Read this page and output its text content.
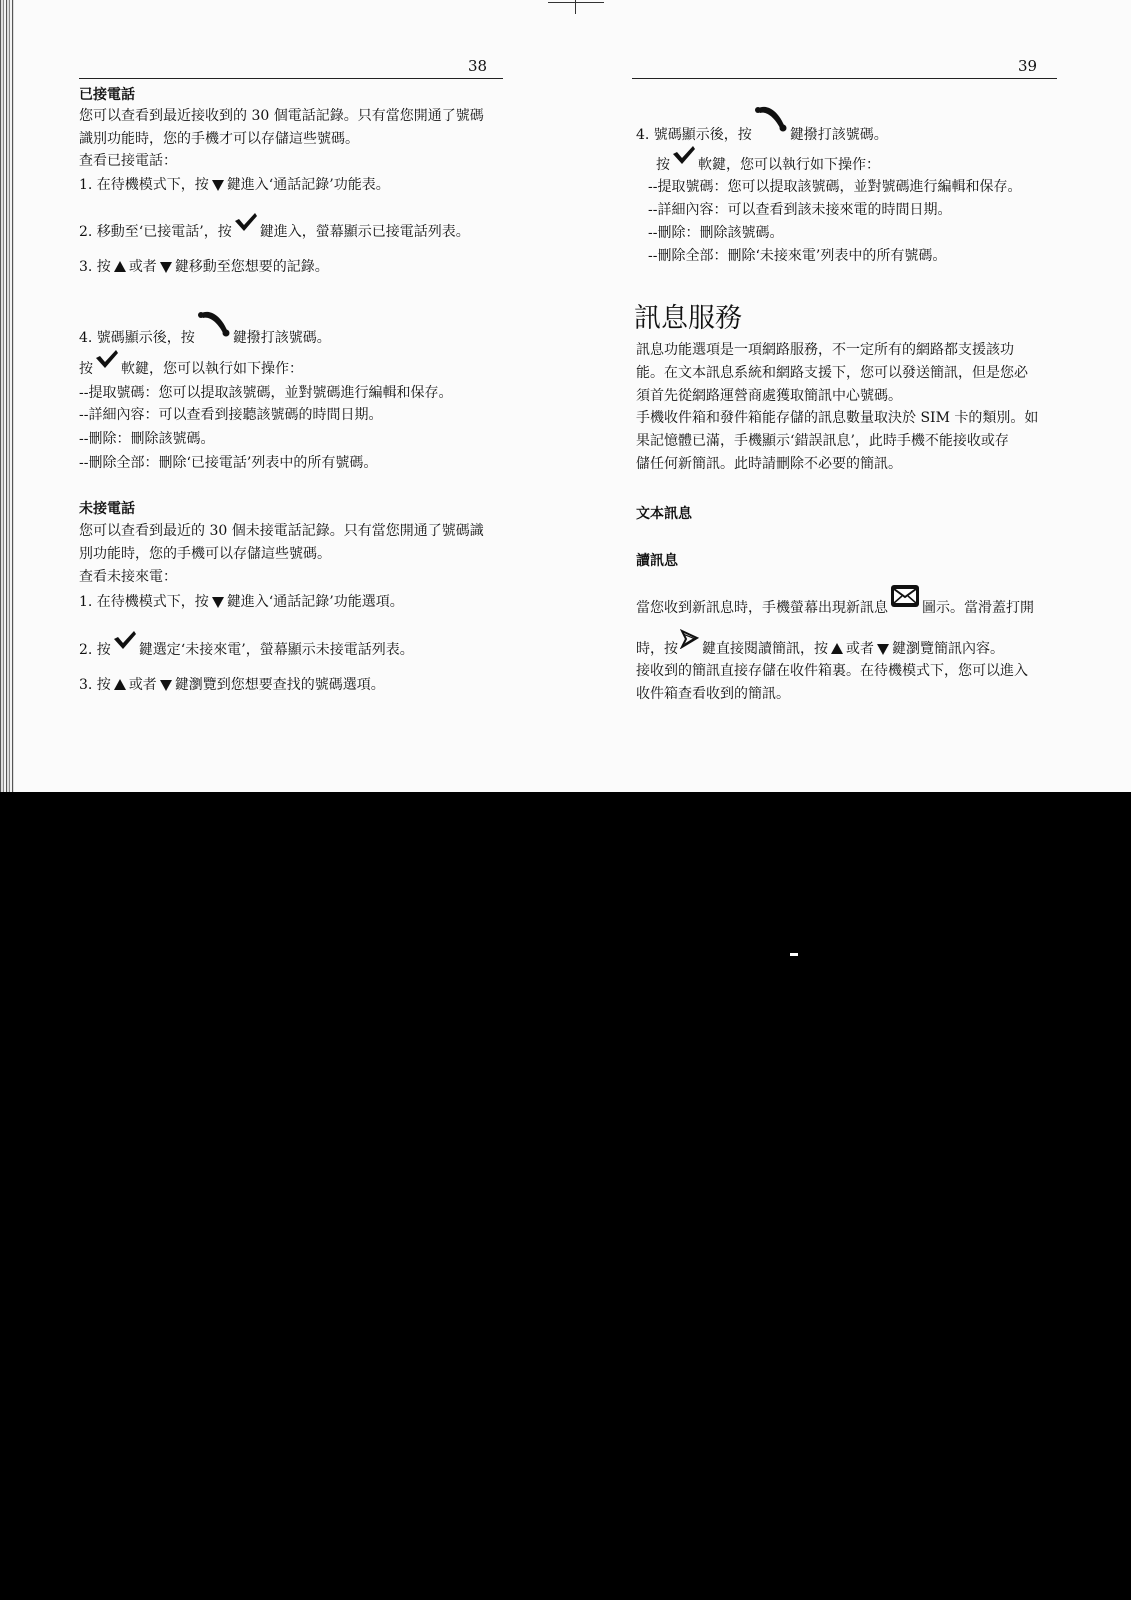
38
已接電話
您可以查看到最近接收到的 30 個電話記錄。只有當您開通了號碼
識別功能時，您的手機才可以存儲這些號碼。
查看已接電話：
1. 在待機模式下，按 鍵進入‘通話記錄’功能表。
2. 移動至‘已接電話’，按 鍵進入，螢幕顯示已接電話列表。
3. 按 或者 鍵移動至您想要的記錄。
4. 號碼顯示後，按	鍵撥打該號碼。
按 軟鍵，您可以執行如下操作：
--提取號碼：您可以提取該號碼，並對號碼進行編輯和保存。
--詳細內容：可以查看到接聽該號碼的時間日期。
--刪除：刪除該號碼。
--刪除全部：刪除‘已接電話’列表中的所有號碼。
未接電話
您可以查看到最近的 30 個未接電話記錄。只有當您開通了號碼識
別功能時，您的手機可以存儲這些號碼。
查看未接來電：
1. 在待機模式下，按 鍵進入‘通話記錄’功能選項。
2. 按 鍵選定‘未接來電’，螢幕顯示未接電話列表。
3. 按 或者 鍵瀏覽到您想要查找的號碼選項。
39
4. 號碼顯示後，按	鍵撥打該號碼。
按 軟鍵，您可以執行如下操作：
--提取號碼：您可以提取該號碼，並對號碼進行編輯和保存。
--詳細內容：可以查看到該未接來電的時間日期。
--刪除：刪除該號碼。
--刪除全部：刪除‘未接來電’列表中的所有號碼。
訊息服務
訊息功能選項是一項網路服務，不一定所有的網路都支援該功
能。在文本訊息系統和網路支援下，您可以發送簡訊，但是您必
須首先從網路運營商處獲取簡訊中心號碼。
手機收件箱和發件箱能存儲的訊息數量取決於 SIM 卡的類別。如
果記憶體已滿，手機顯示‘錯誤訊息’，此時手機不能接收或存
儲任何新簡訊。此時請刪除不必要的簡訊。
文本訊息
讀訊息
當您收到新訊息時，手機螢幕出現新訊息 圖示。當滑蓋打開
時，按 鍵直接閱讀簡訊，按 或者 鍵瀏覽簡訊內容。
接收到的簡訊直接存儲在收件箱裏。在待機模式下，您可以進入
收件箱查看收到的簡訊。
